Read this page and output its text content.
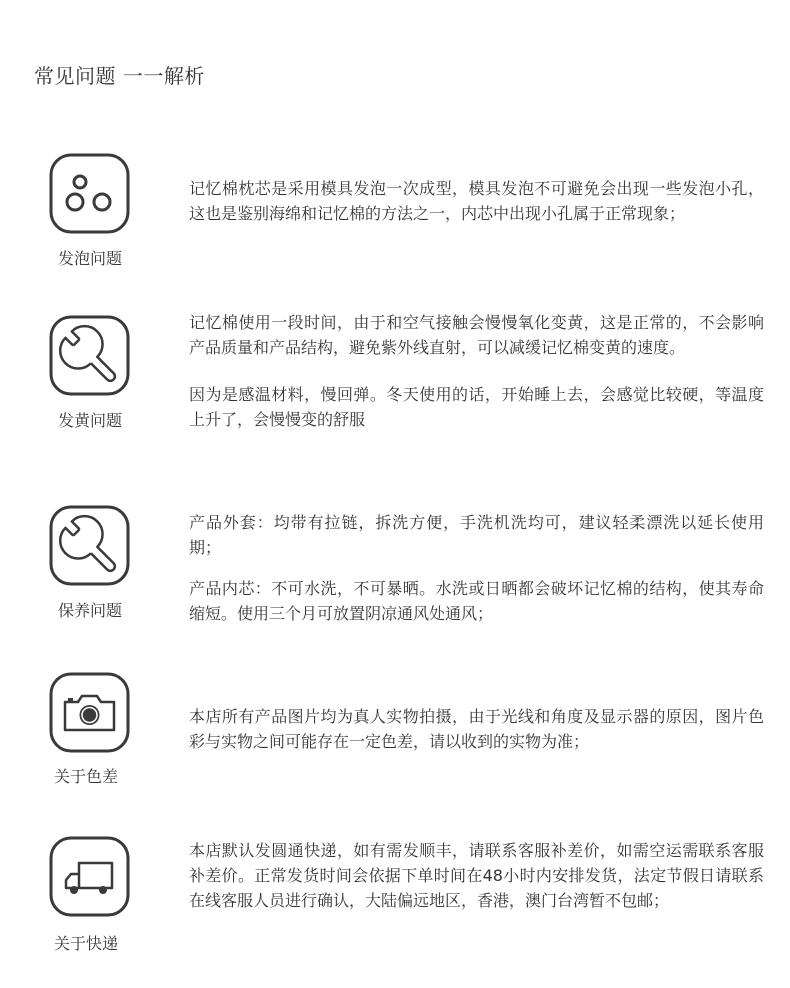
常见问题 一一解析
发泡问题

记忆棉枕芯是采用模具发泡一次成型，模具发泡不可避免会出现一些发泡小孔，这也是鉴别海绵和记忆棉的方法之一，内芯中出现小孔属于正常现象；

发黄问题

记忆棉使用一段时间，由于和空气接触会慢慢氧化变黄，这是正常的，不会影响产品质量和产品结构，避免紫外线直射，可以减缓记忆棉变黄的速度。

因为是感温材料，慢回弹。冬天使用的话，开始睡上去，会感觉比较硬，等温度上升了，会慢慢变的舒服

保养问题

产品外套：均带有拉链，拆洗方便，手洗机洗均可，建议轻柔漂洗以延长使用期；

产品内芯：不可水洗，不可暴晒。水洗或日晒都会破坏记忆棉的结构，使其寿命缩短。使用三个月可放置阴凉通风处通风；

关于色差

本店所有产品图片均为真人实物拍摄，由于光线和角度及显示器的原因，图片色彩与实物之间可能存在一定色差，请以收到的实物为准；

关于快递

本店默认发圆通快递，如有需发顺丰，请联系客服补差价，如需空运需联系客服补差价。正常发货时间会依据下单时间在48小时内安排发货，法定节假日请联系在线客服人员进行确认，大陆偏远地区，香港，澳门台湾暂不包邮；
